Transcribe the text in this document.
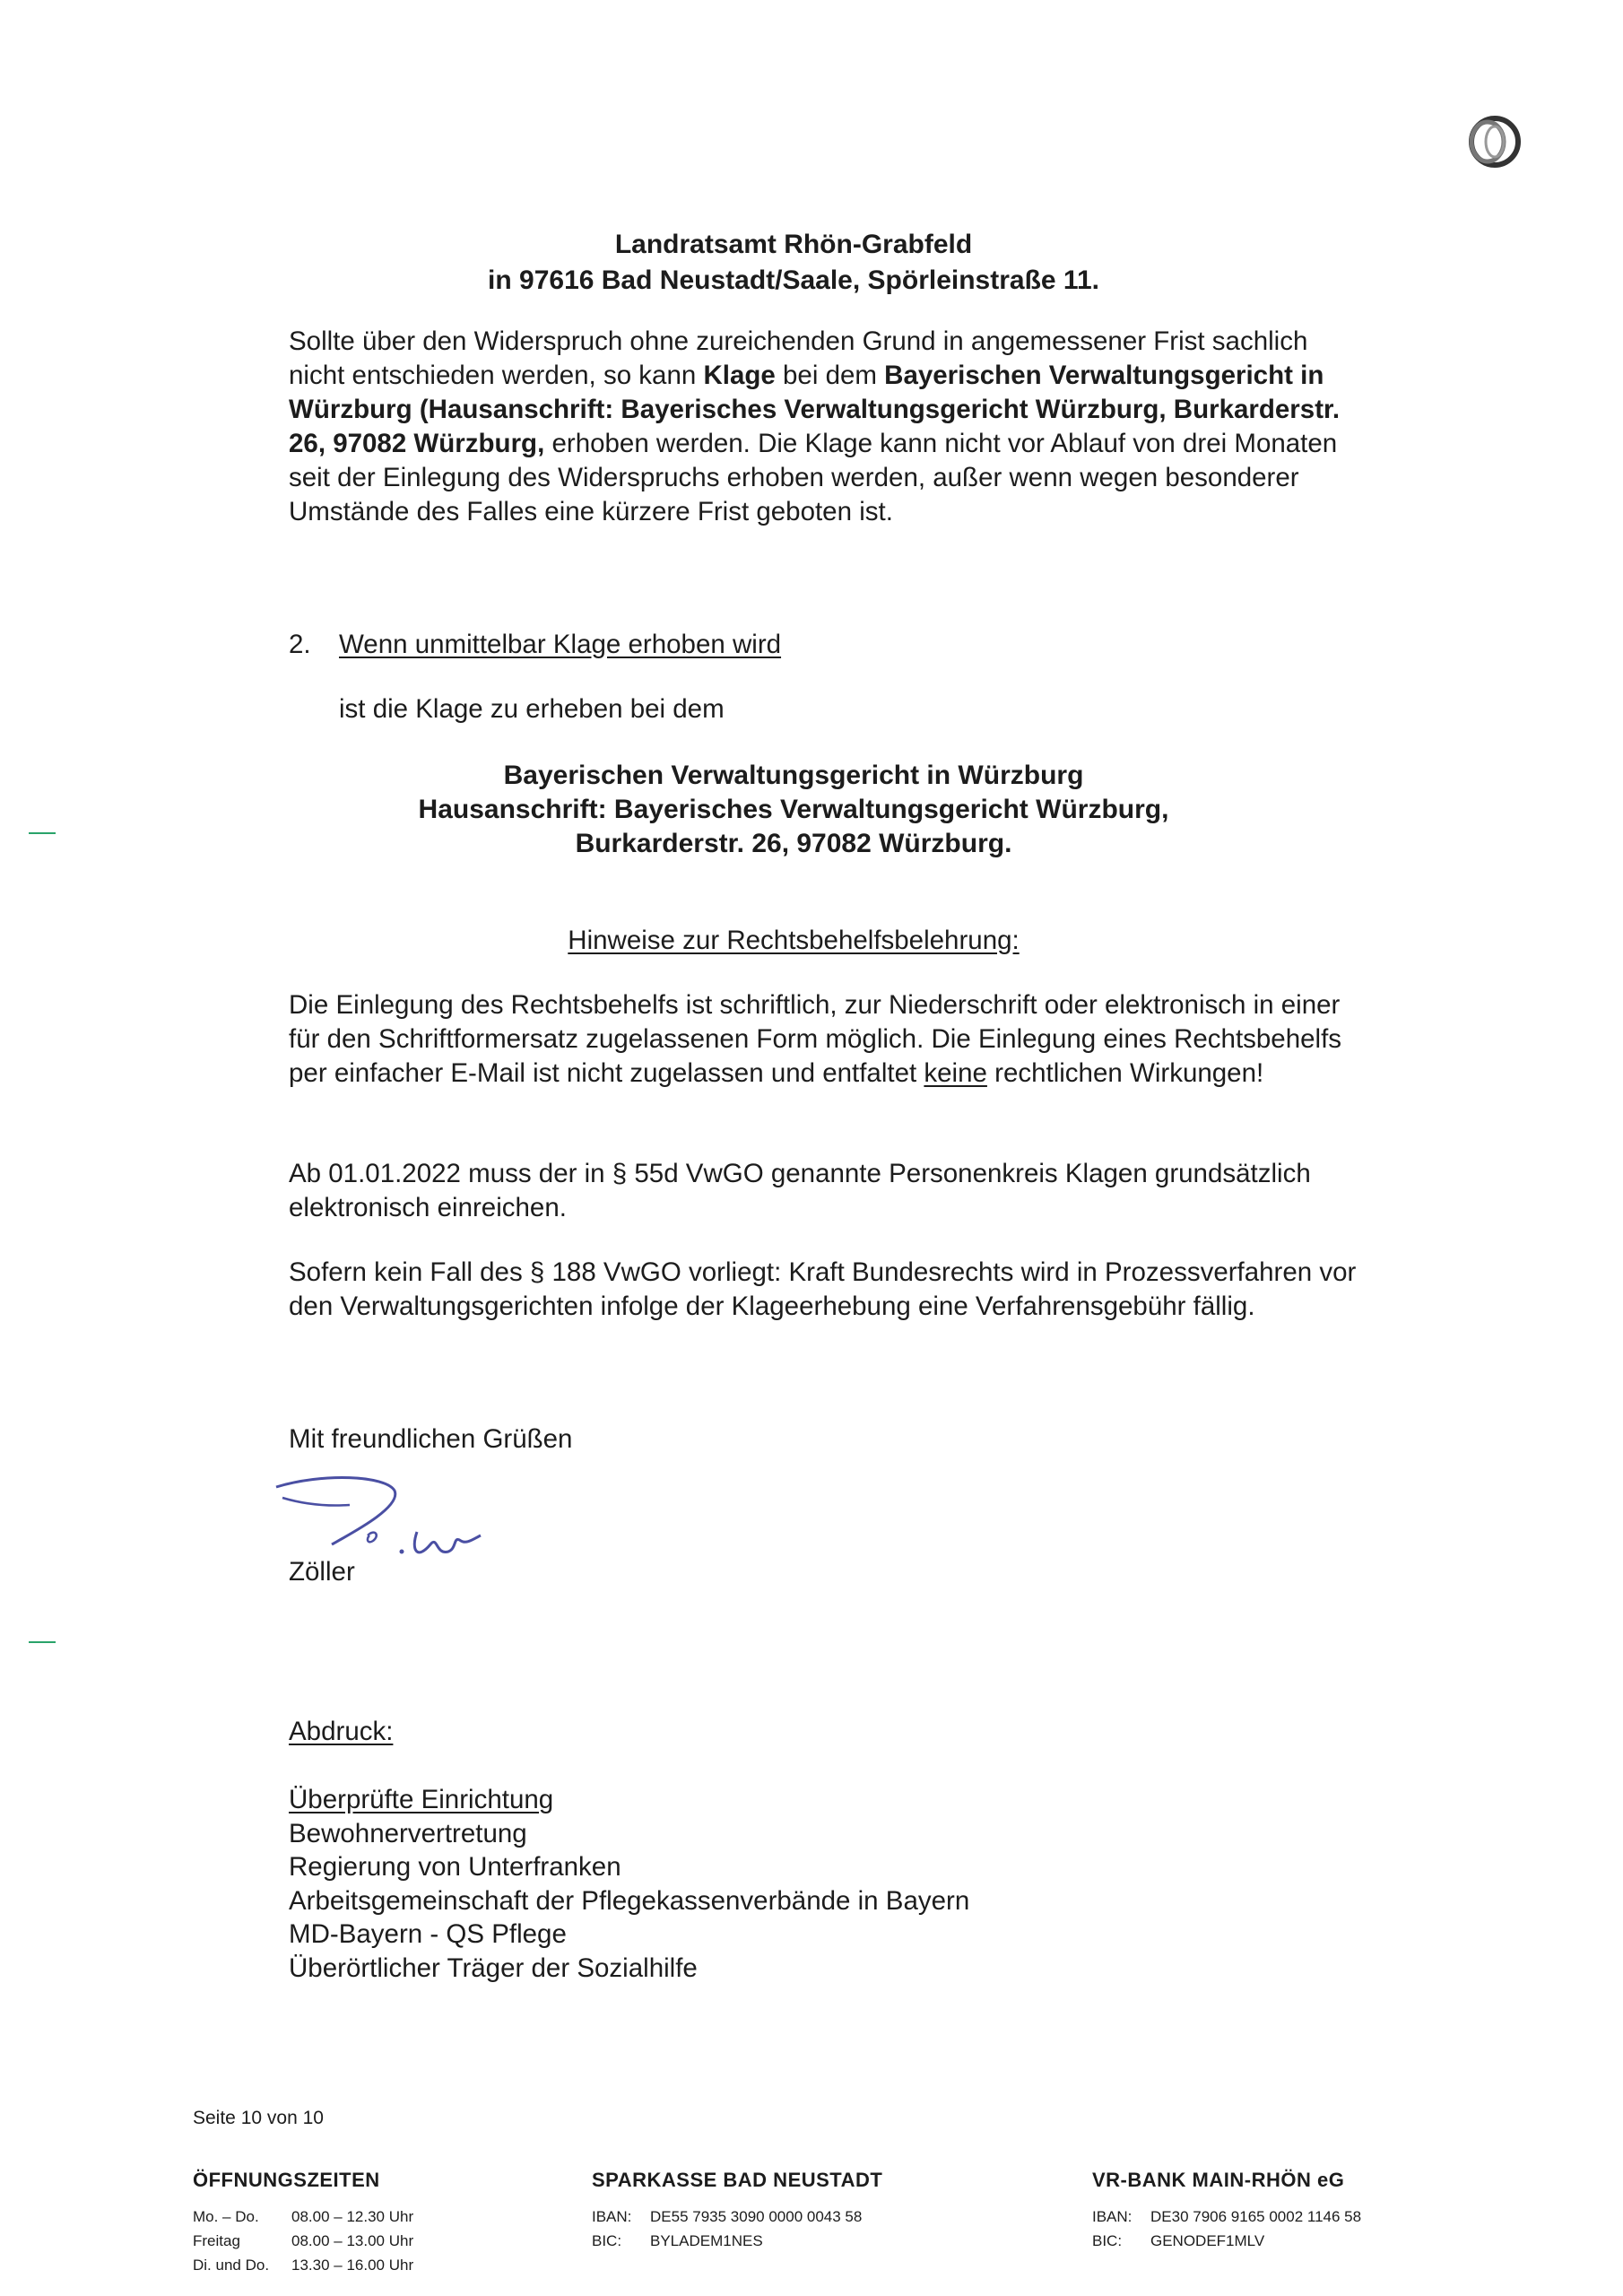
Landratsamt Rhön-Grabfeld
in 97616 Bad Neustadt/Saale, Spörleinstraße 11.
Sollte über den Widerspruch ohne zureichenden Grund in angemessener Frist sachlich nicht entschieden werden, so kann Klage bei dem Bayerischen Verwaltungsgericht in Würzburg (Hausanschrift: Bayerisches Verwaltungsgericht Würzburg, Burkarderstr. 26, 97082 Würzburg, erhoben werden. Die Klage kann nicht vor Ablauf von drei Monaten seit der Einlegung des Widerspruchs erhoben werden, außer wenn wegen besonderer Umstände des Falles eine kürzere Frist geboten ist.
2. Wenn unmittelbar Klage erhoben wird
ist die Klage zu erheben bei dem
Bayerischen Verwaltungsgericht in Würzburg
Hausanschrift: Bayerisches Verwaltungsgericht Würzburg,
Burkarderstr. 26, 97082 Würzburg.
Hinweise zur Rechtsbehelfsbelehrung:
Die Einlegung des Rechtsbehelfs ist schriftlich, zur Niederschrift oder elektronisch in einer für den Schriftformersatz zugelassenen Form möglich. Die Einlegung eines Rechtsbehelfs per einfacher E-Mail ist nicht zugelassen und entfaltet keine rechtlichen Wirkungen!
Ab 01.01.2022 muss der in § 55d VwGO genannte Personenkreis Klagen grundsätzlich elektronisch einreichen.
Sofern kein Fall des § 188 VwGO vorliegt: Kraft Bundesrechts wird in Prozessverfahren vor den Verwaltungsgerichten infolge der Klageerhebung eine Verfahrensgebühr fällig.
Mit freundlichen Grüßen
Zöller
Abdruck:
Überprüfte Einrichtung
Bewohnervertretung
Regierung von Unterfranken
Arbeitsgemeinschaft der Pflegekassenverbände in Bayern
MD-Bayern - QS Pflege
Überörtlicher Träger der Sozialhilfe
Seite 10 von 10
ÖFFNUNGSZEITEN
Mo. – Do.	08.00 – 12.30 Uhr
Freitag	08.00 – 13.00 Uhr
Di. und Do.	13.30 – 16.00 Uhr
SPARKASSE BAD NEUSTADT
IBAN:	DE55 7935 3090 0000 0043 58
BIC:	BYLADEM1NES
VR-BANK MAIN-RHÖN eG
IBAN:	DE30 7906 9165 0002 1146 58
BIC:	GENODEF1MLV
